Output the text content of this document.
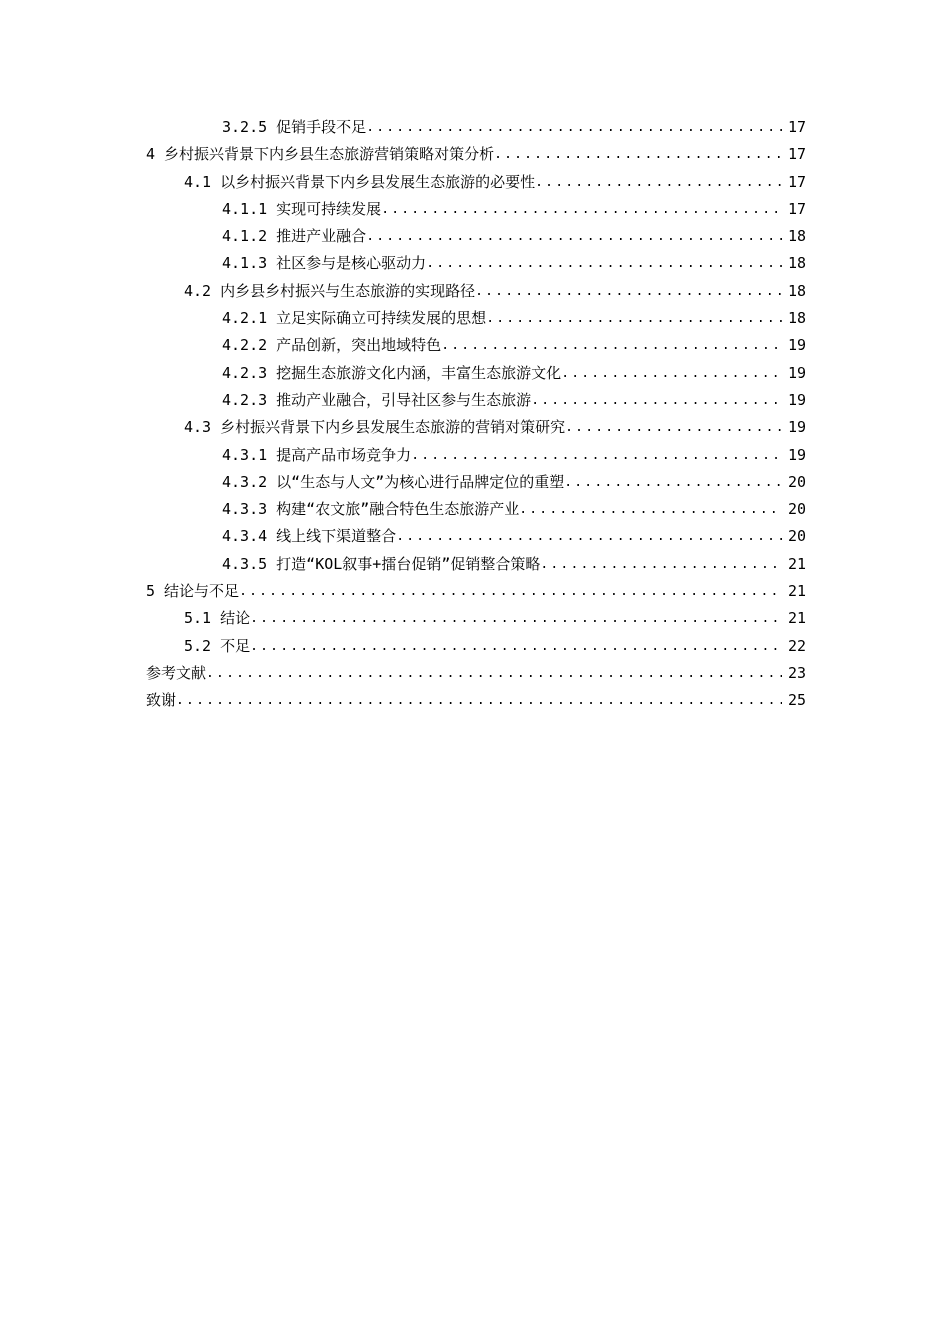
3.2.5 促销手段不足 .....	17
4 乡村振兴背景下内乡县生态旅游营销策略对策分析 .....	17
4.1 以乡村振兴背景下内乡县发展生态旅游的必要性 .....	17
4.1.1 实现可持续发展 .....	17
4.1.2 推进产业融合 .....	18
4.1.3 社区参与是核心驱动力 .....	18
4.2 内乡县乡村振兴与生态旅游的实现路径 .....	18
4.2.1 立足实际确立可持续发展的思想 .....	18
4.2.2 产品创新，突出地域特色 .....	19
4.2.3 挖掘生态旅游文化内涵，丰富生态旅游文化 .....	19
4.2.3 推动产业融合，引导社区参与生态旅游 .....	19
4.3 乡村振兴背景下内乡县发展生态旅游的营销对策研究 .....	19
4.3.1 提高产品市场竞争力 .....	19
4.3.2 以“生态与人文”为核心进行品牌定位的重塑 .....	20
4.3.3 构建“农文旅”融合特色生态旅游产业 .....	20
4.3.4 线上线下渠道整合 .....	20
4.3.5 打造“KOL叙事+擂台促销”促销整合策略 .....	21
5 结论与不足 .....	21
5.1 结论 .....	21
5.2 不足 .....	22
参考文献 .....	23
致谢 .....	25
